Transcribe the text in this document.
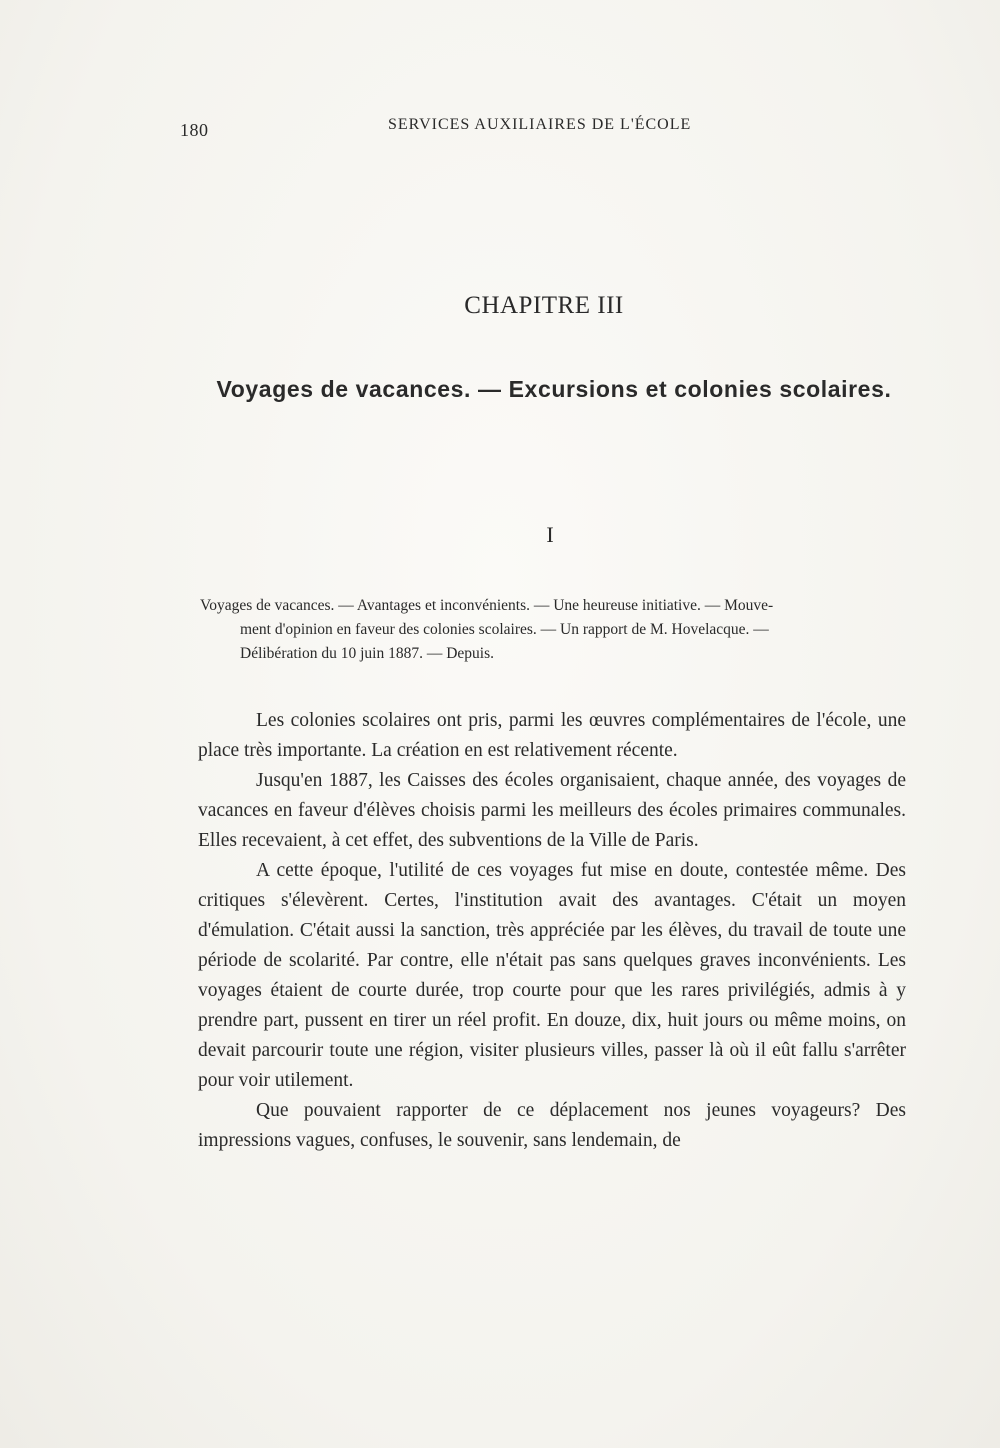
180	SERVICES AUXILIAIRES DE L'ÉCOLE
CHAPITRE III
Voyages de vacances. — Excursions et colonies scolaires.
I
Voyages de vacances. — Avantages et inconvénients. — Une heureuse initiative. — Mouve-
ment d'opinion en faveur des colonies scolaires. — Un rapport de M. Hovelacque. —
Délibération du 10 juin 1887. — Depuis.

Les colonies scolaires ont pris, parmi les œuvres complémentaires de l'école, une place très importante. La création en est relativement récente.

Jusqu'en 1887, les Caisses des écoles organisaient, chaque année, des voyages de vacances en faveur d'élèves choisis parmi les meilleurs des écoles primaires communales. Elles recevaient, à cet effet, des subventions de la Ville de Paris.

A cette époque, l'utilité de ces voyages fut mise en doute, contestée même. Des critiques s'élevèrent. Certes, l'institution avait des avantages. C'était un moyen d'émulation. C'était aussi la sanction, très appréciée par les élèves, du travail de toute une période de scolarité. Par contre, elle n'était pas sans quelques graves inconvénients. Les voyages étaient de courte durée, trop courte pour que les rares privilégiés, admis à y prendre part, pussent en tirer un réel profit. En douze, dix, huit jours ou même moins, on devait parcourir toute une région, visiter plusieurs villes, passer là où il eût fallu s'arrêter pour voir utilement.

Que pouvaient rapporter de ce déplacement nos jeunes voyageurs? Des impressions vagues, confuses, le souvenir, sans lendemain, de
